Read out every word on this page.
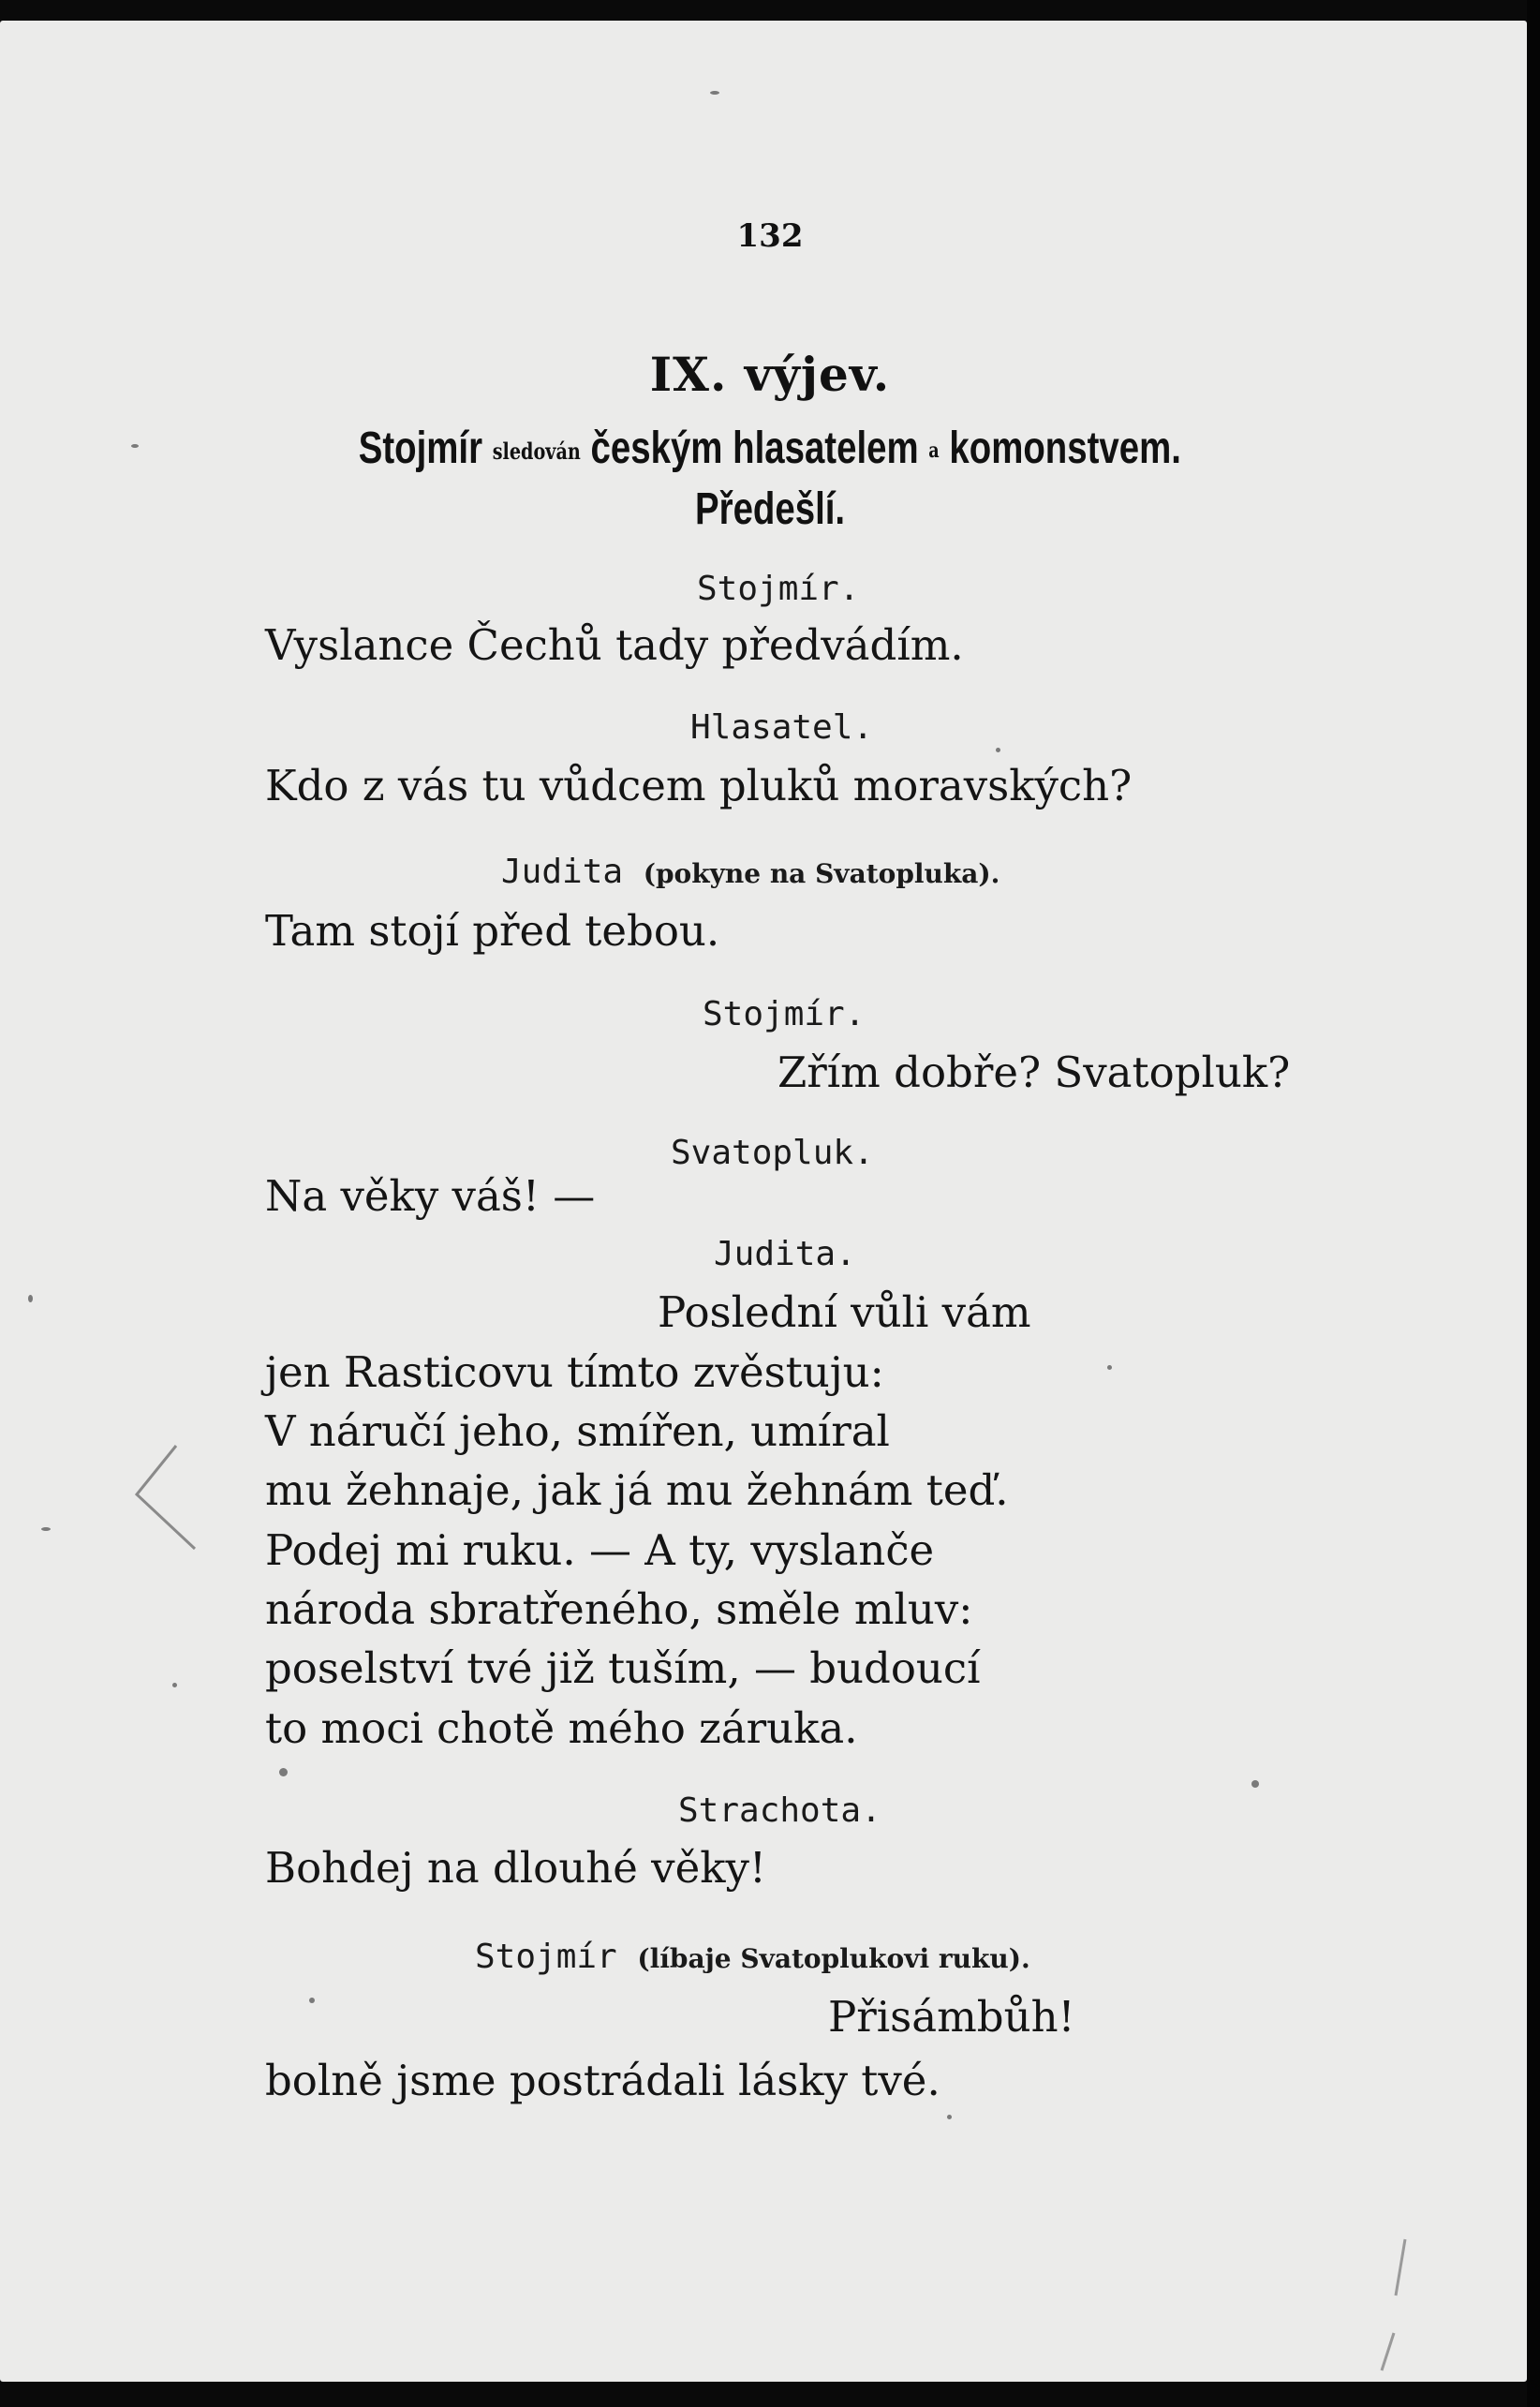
132
IX. výjev.
Stojmír sledován českým hlasatelem a komonstvem.
Předešlí.
Stojmír.
Vyslance Čechů tady předvádím.
Hlasatel.
Kdo z vás tu vůdcem pluků moravských?
Judita (pokyne na Svatopluka).
Tam stojí před tebou.
Stojmír.
Zřím dobře? Svatopluk?
Svatopluk.
Na věky váš! —
Judita.
Poslední vůli vám
jen Rasticovu tímto zvěstuju:
V náručí jeho, smířen, umíral
mu žehnaje, jak já mu žehnám teď.
Podej mi ruku. — A ty, vyslanče
národa sbratřeného, směle mluv:
poselství tvé již tuším, — budoucí
to moci chotě mého záruka.
Strachota.
Bohdej na dlouhé věky!
Stojmír (líbaje Svatoplukovi ruku).
Přisámbůh!
bolně jsme postrádali lásky tvé.
